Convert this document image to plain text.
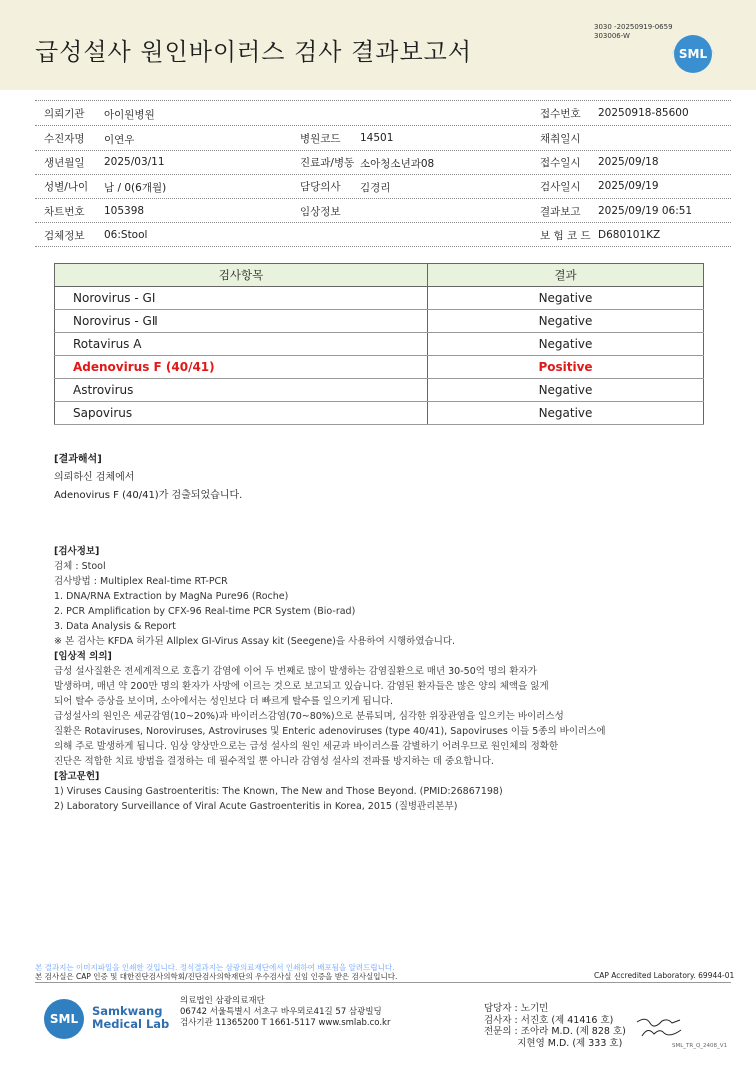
급성설사 원인바이러스 검사 결과보고서
3030 -20250919-0659
303006-W
SML
의뢰기관 아이원병원	접수번호 20250918-85600
수진자명 이연우	병원코드 14501	채취일시
생년월일 2025/03/11	진료과/병동 소아청소년과08	접수일시 2025/09/18
성별/나이 남 / 0(6개월)	담당의사 김경리	검사일시 2025/09/19
차트번호 105398	임상정보	결과보고 2025/09/19 06:51
검체정보 06:Stool	보 험 코 드 D680101KZ
검사항목	결과
Norovirus - GⅠ	Negative
Norovirus - GⅡ	Negative
Rotavirus A	Negative
Adenovirus F (40/41)	Positive
Astrovirus	Negative
Sapovirus	Negative
[결과해석]
의뢰하신 검체에서
Adenovirus F (40/41)가 검출되었습니다.
[검사정보]
검체 : Stool
검사방법 : Multiplex Real-time RT-PCR
1. DNA/RNA Extraction by MagNa Pure96 (Roche)
2. PCR Amplification by CFX-96 Real-time PCR System (Bio-rad)
3. Data Analysis & Report
※ 본 검사는 KFDA 허가된 Allplex GI-Virus Assay kit (Seegene)을 사용하여 시행하였습니다.
[임상적 의의]
급성 설사질환은 전세계적으로 호흡기 감염에 이어 두 번째로 많이 발생하는 감염질환으로 매년 30-50억 명의 환자가
발생하며, 매년 약 200만 명의 환자가 사망에 이르는 것으로 보고되고 있습니다. 감염된 환자들은 많은 양의 체액을 잃게
되어 탈수 증상을 보이며, 소아에서는 성인보다 더 빠르게 탈수를 일으키게 됩니다.
급성설사의 원인은 세균감염(10~20%)과 바이러스감염(70~80%)으로 분류되며, 심각한 위장관염을 일으키는 바이러스성
질환은 Rotaviruses, Noroviruses, Astroviruses 및 Enteric adenoviruses (type 40/41), Sapoviruses 이들 5종의 바이러스에
의해 주로 발생하게 됩니다. 임상 양상만으로는 급성 설사의 원인 세균과 바이러스를 감별하기 어려우므로 원인체의 정확한
진단은 적합한 치료 방법을 결정하는 데 필수적일 뿐 아니라 감염성 설사의 전파를 방지하는 데 중요합니다.
[참고문헌]
1) Viruses Causing Gastroenteritis: The Known, The New and Those Beyond. (PMID:26867198)
2) Laboratory Surveillance of Viral Acute Gastroenteritis in Korea, 2015 (질병관리본부)
본 결과지는 이미지파일을 인쇄한 것입니다. 정식결과지는 삼광의료재단에서 인쇄하여 배포됨을 알려드립니다.
본 검사실은 CAP 인증 및 대한진단검사의학회/진단검사의학재단의 우수검사실 신임 인증을 받은 검사실입니다.	CAP Accredited Laboratory. 69944-01
SML
Samkwang
Medical Lab
의료법인 삼광의료재단
06742 서울특별시 서초구 바우뫼로41길 57 삼광빌딩
검사기관 11365200 T 1661-5117 www.smlab.co.kr
담당자 : 노기민
검사자 : 서진호 (제 41416 호)
전문의 : 조아라 M.D. (제 828 호)
지현영 M.D. (제 333 호)	SML_TR_Q_2408_V1
